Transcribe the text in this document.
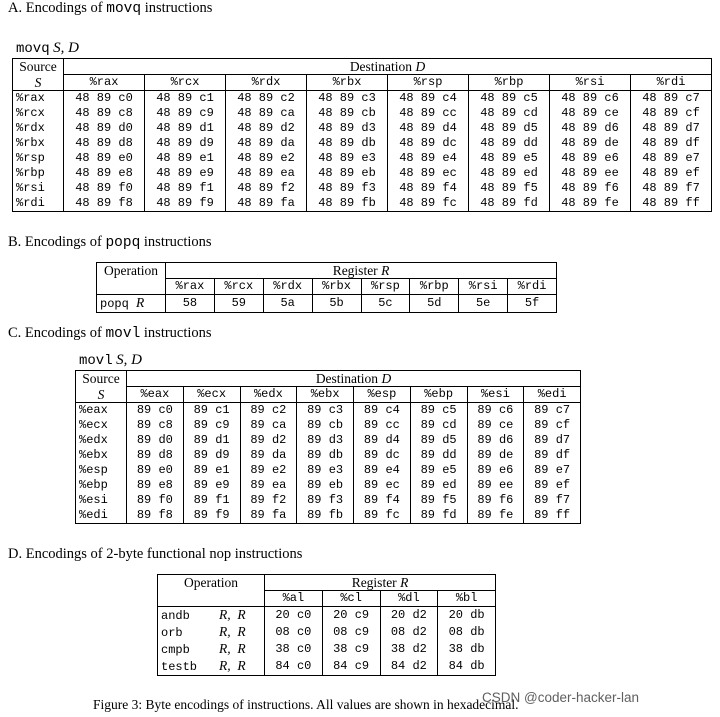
A. Encodings of movq instructions
movq S, D
Source	Destination D							
S	%rax	%rcx	%rdx	%rbx	%rsp	%rbp	%rsi	%rdi
%rax	48 89 c0	48 89 c1	48 89 c2	48 89 c3	48 89 c4	48 89 c5	48 89 c6	48 89 c7
%rcx	48 89 c8	48 89 c9	48 89 ca	48 89 cb	48 89 cc	48 89 cd	48 89 ce	48 89 cf
%rdx	48 89 d0	48 89 d1	48 89 d2	48 89 d3	48 89 d4	48 89 d5	48 89 d6	48 89 d7
%rbx	48 89 d8	48 89 d9	48 89 da	48 89 db	48 89 dc	48 89 dd	48 89 de	48 89 df
%rsp	48 89 e0	48 89 e1	48 89 e2	48 89 e3	48 89 e4	48 89 e5	48 89 e6	48 89 e7
%rbp	48 89 e8	48 89 e9	48 89 ea	48 89 eb	48 89 ec	48 89 ed	48 89 ee	48 89 ef
%rsi	48 89 f0	48 89 f1	48 89 f2	48 89 f3	48 89 f4	48 89 f5	48 89 f6	48 89 f7
%rdi	48 89 f8	48 89 f9	48 89 fa	48 89 fb	48 89 fc	48 89 fd	48 89 fe	48 89 ff
B. Encodings of popq instructions
Operation	Register R							
	%rax	%rcx	%rdx	%rbx	%rsp	%rbp	%rsi	%rdi
popq R	58	59	5a	5b	5c	5d	5e	5f
C. Encodings of movl instructions
movl S, D
Source	Destination D							
S	%eax	%ecx	%edx	%ebx	%esp	%ebp	%esi	%edi
%eax	89 c0	89 c1	89 c2	89 c3	89 c4	89 c5	89 c6	89 c7
%ecx	89 c8	89 c9	89 ca	89 cb	89 cc	89 cd	89 ce	89 cf
%edx	89 d0	89 d1	89 d2	89 d3	89 d4	89 d5	89 d6	89 d7
%ebx	89 d8	89 d9	89 da	89 db	89 dc	89 dd	89 de	89 df
%esp	89 e0	89 e1	89 e2	89 e3	89 e4	89 e5	89 e6	89 e7
%ebp	89 e8	89 e9	89 ea	89 eb	89 ec	89 ed	89 ee	89 ef
%esi	89 f0	89 f1	89 f2	89 f3	89 f4	89 f5	89 f6	89 f7
%edi	89 f8	89 f9	89 fa	89 fb	89 fc	89 fd	89 fe	89 ff
D. Encodings of 2-byte functional nop instructions
Operation	Register R			
	%al	%cl	%dl	%bl
andb R,  R	20 c0	20 c9	20 d2	20 db
orb R,  R	08 c0	08 c9	08 d2	08 db
cmpb R,  R	38 c0	38 c9	38 d2	38 db
testb R,  R	84 c0	84 c9	84 d2	84 db
Figure 3: Byte encodings of instructions. All values are shown in hexadecimal.
CSDN @coder-hacker-lan
